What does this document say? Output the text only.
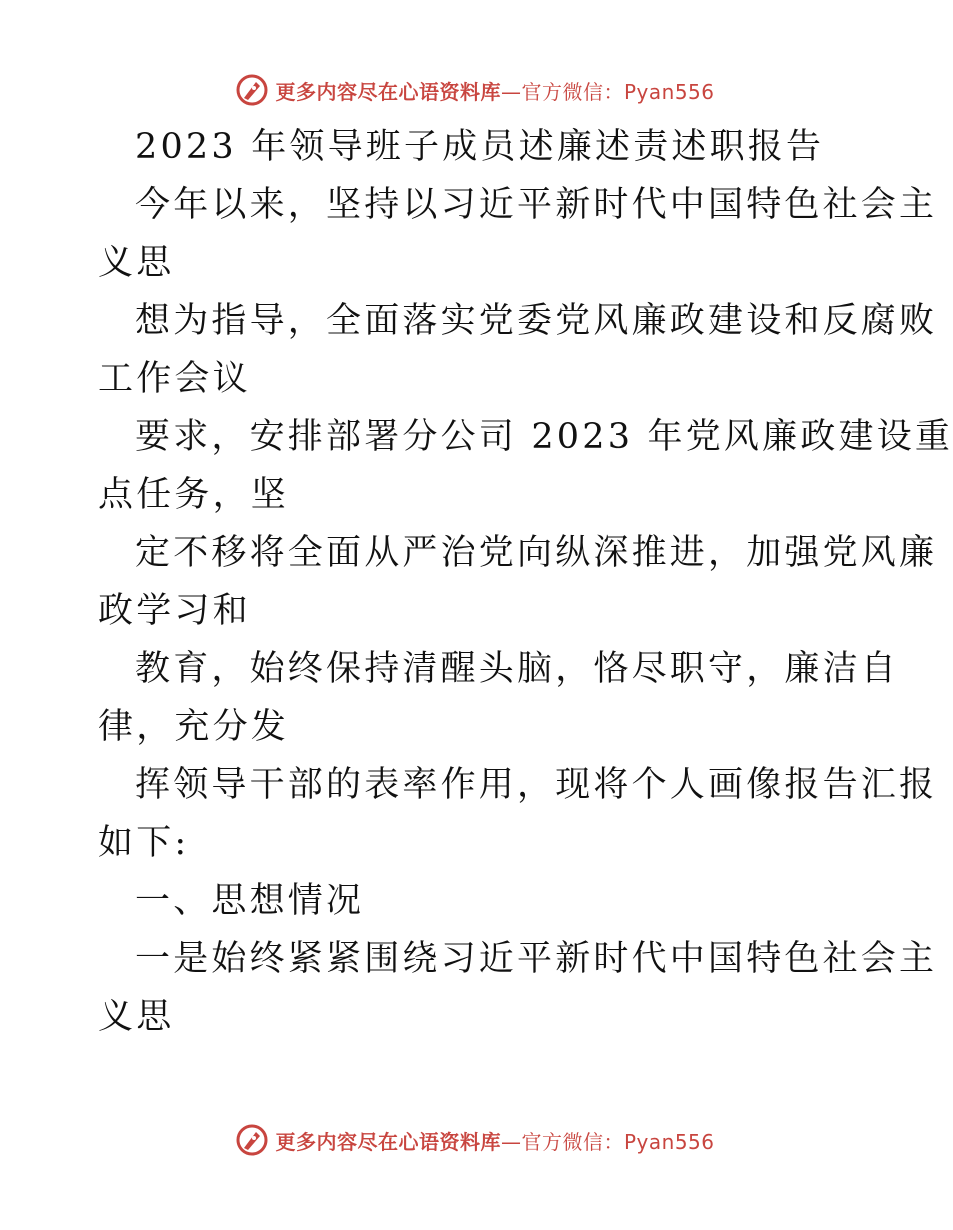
更多内容尽在心语资料库—官方微信：Pyan556
2023 年领导班子成员述廉述责述职报告
今年以来，坚持以习近平新时代中国特色社会主
义思
想为指导，全面落实党委党风廉政建设和反腐败
工作会议
要求，安排部署分公司 2023 年党风廉政建设重
点任务，坚
定不移将全面从严治党向纵深推进，加强党风廉
政学习和
教育，始终保持清醒头脑，恪尽职守，廉洁自
律，充分发
挥领导干部的表率作用，现将个人画像报告汇报
如下:
一、思想情况
一是始终紧紧围绕习近平新时代中国特色社会主
义思
更多内容尽在心语资料库—官方微信：Pyan556
